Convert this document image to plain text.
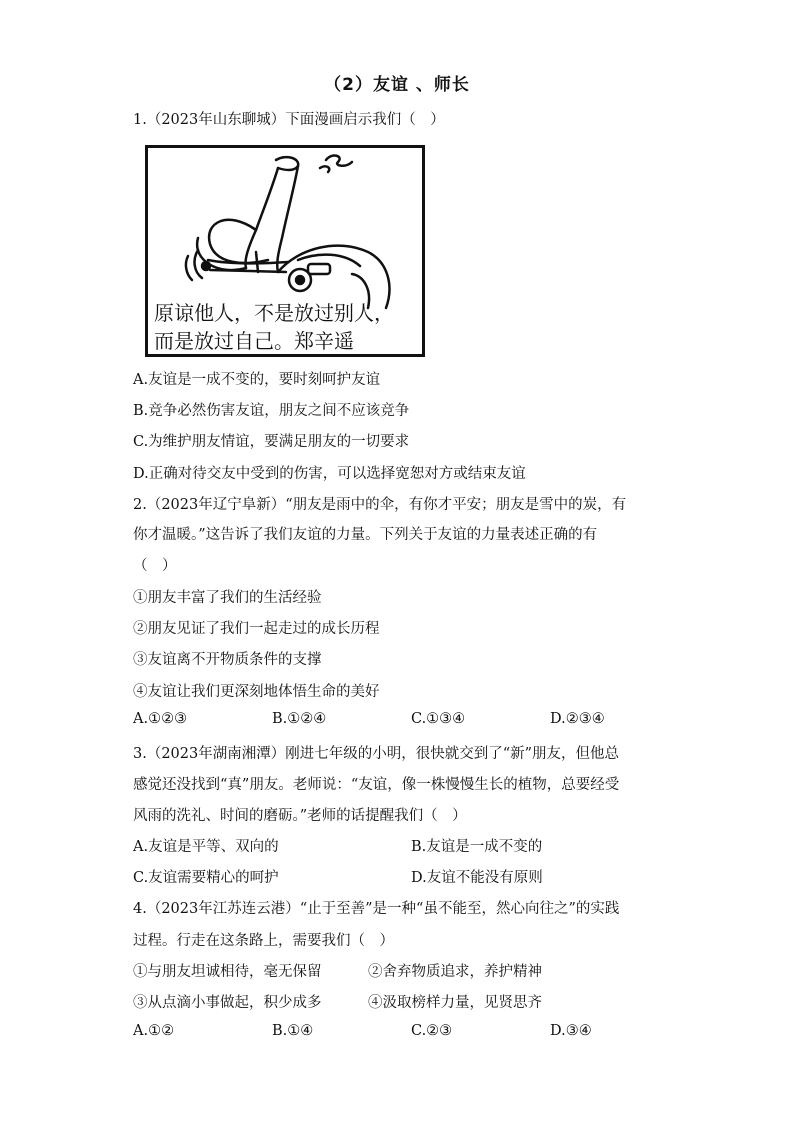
（2）友谊 、师长
1.（2023年山东聊城）下面漫画启示我们（　）
原谅他人，不是放过别人，
而是放过自己。郑辛遥
A.友谊是一成不变的，要时刻呵护友谊
B.竞争必然伤害友谊，朋友之间不应该竞争
C.为维护朋友情谊，要满足朋友的一切要求
D.正确对待交友中受到的伤害，可以选择宽恕对方或结束友谊
2.（2023年辽宁阜新）“朋友是雨中的伞，有你才平安；朋友是雪中的炭，有
你才温暖。”这告诉了我们友谊的力量。下列关于友谊的力量表述正确的有
（　）
①朋友丰富了我们的生活经验
②朋友见证了我们一起走过的成长历程
③友谊离不开物质条件的支撑
④友谊让我们更深刻地体悟生命的美好
A.①②③	B.①②④	C.①③④	D.②③④
3.（2023年湖南湘潭）刚进七年级的小明，很快就交到了“新”朋友，但他总
感觉还没找到“真”朋友。老师说：“友谊，像一株慢慢生长的植物，总要经受
风雨的洗礼、时间的磨砺。”老师的话提醒我们（　）
A.友谊是平等、双向的	B.友谊是一成不变的
C.友谊需要精心的呵护	D.友谊不能没有原则
4.（2023年江苏连云港）“止于至善”是一种“虽不能至，然心向往之”的实践
过程。行走在这条路上，需要我们（　）
①与朋友坦诚相待，毫无保留	②舍弃物质追求，养护精神
③从点滴小事做起，积少成多	④汲取榜样力量，见贤思齐
A.①②	B.①④	C.②③	D.③④
